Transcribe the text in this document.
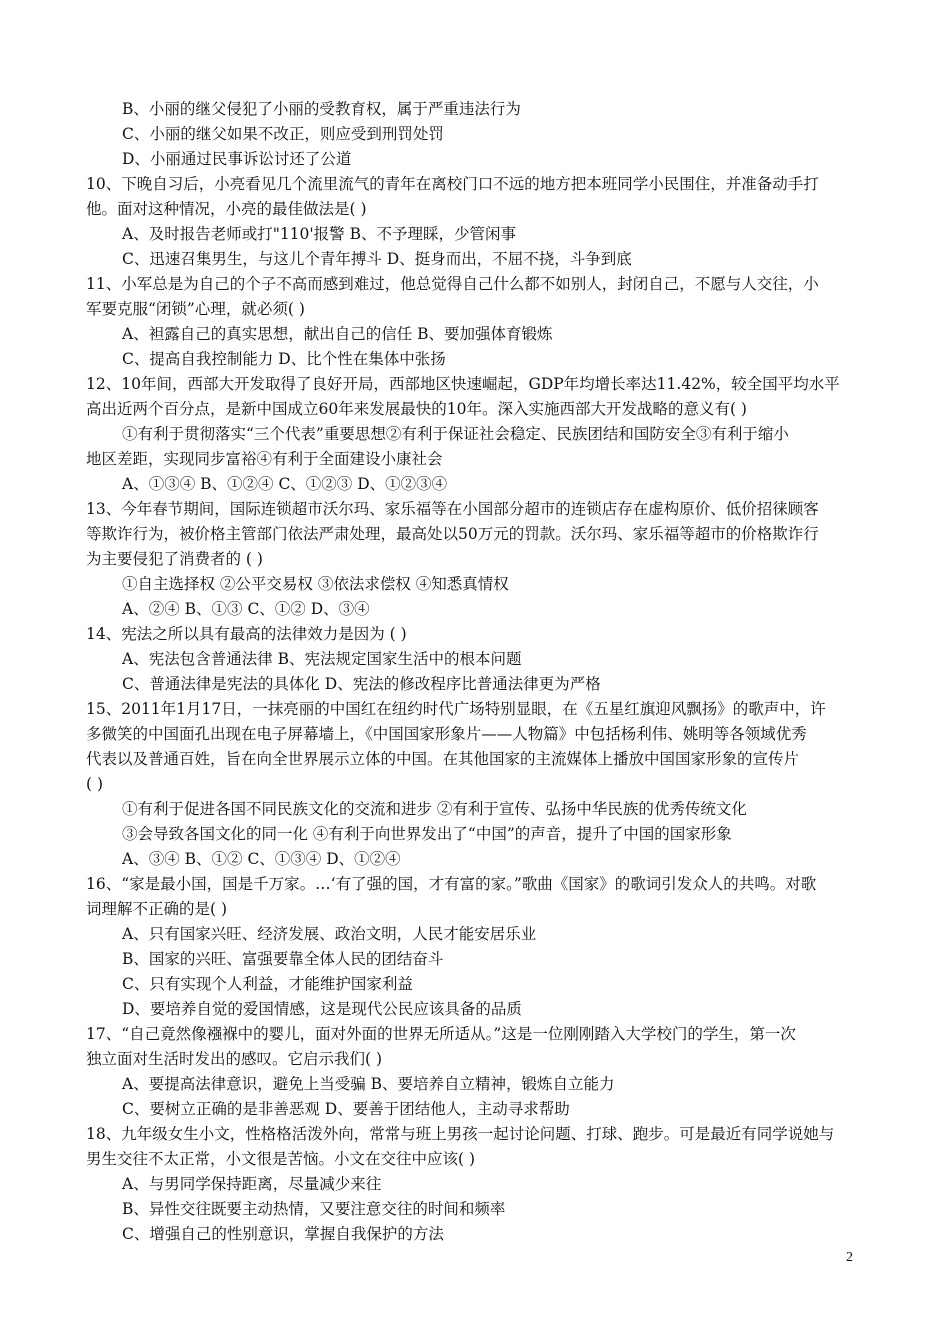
B、小丽的继父侵犯了小丽的受教育权，属于严重违法行为
C、小丽的继父如果不改正，则应受到刑罚处罚
D、小丽通过民事诉讼讨还了公道
10、下晚自习后，小亮看见几个流里流气的青年在离校门口不远的地方把本班同学小民围住，并准备动手打
他。面对这种情况，小亮的最佳做法是( )
A、及时报告老师或打"110'报警 B、不予理睬，少管闲事
C、迅速召集男生，与这儿个青年搏斗 D、挺身而出，不屈不挠，斗争到底
11、小军总是为自己的个子不高而感到难过，他总觉得自己什么都不如别人，封闭自己，不愿与人交往，小
军要克服“闭锁”心理，就必须( )
A、袒露自己的真实思想，献出自己的信任 B、要加强体育锻炼
C、提高自我控制能力 D、比个性在集体中张扬
12、10年间，西部大开发取得了良好开局，西部地区快速崛起，GDP年均增长率达11.42%，较全国平均水平
高出近两个百分点，是新中国成立60年来发展最快的10年。深入实施西部大开发战略的意义有( )
①有利于贯彻落实“三个代表”重要思想②有利于保证社会稳定、民族团结和国防安全③有利于缩小
地区差距，实现同步富裕④有利于全面建设小康社会
A、①③④ B、①②④ C、①②③ D、①②③④
13、今年春节期间，国际连锁超市沃尔玛、家乐福等在小国部分超市的连锁店存在虚构原价、低价招徕顾客
等欺诈行为，被价格主管部门依法严肃处理，最高处以50万元的罚款。沃尔玛、家乐福等超市的价格欺诈行
为主要侵犯了消费者的 ( )
①自主选择权 ②公平交易权 ③依法求偿权 ④知悉真情权
A、②④ B、①③ C、①② D、③④
14、宪法之所以具有最高的法律效力是因为 ( )
A、宪法包含普通法律 B、宪法规定国家生活中的根本问题
C、普通法律是宪法的具体化 D、宪法的修改程序比普通法律更为严格
15、2011年1月17日，一抹亮丽的中国红在纽约时代广场特别显眼，在《五星红旗迎风飘扬》的歌声中，许
多微笑的中国面孔出现在电子屏幕墙上，《中国国家形象片——人物篇》中包括杨利伟、姚明等各领域优秀
代表以及普通百姓，旨在向全世界展示立体的中国。在其他国家的主流媒体上播放中国国家形象的宣传片
( )
①有利于促进各国不同民族文化的交流和进步 ②有利于宣传、弘扬中华民族的优秀传统文化
③会导致各国文化的同一化 ④有利于向世界发出了“中国”的声音，提升了中国的国家形象
A、③④ B、①② C、①③④ D、①②④
16、“家是最小国，国是千万家。…‘有了强的国，才有富的家。”歌曲《国家》的歌词引发众人的共鸣。对歌
词理解不正确的是( )
A、只有国家兴旺、经济发展、政治文明，人民才能安居乐业
B、国家的兴旺、富强要靠全体人民的团结奋斗
C、只有实现个人利益，才能维护国家利益
D、要培养自觉的爱国情感，这是现代公民应该具备的品质
17、“自己竟然像襁褓中的婴儿，面对外面的世界无所适从。”这是一位刚刚踏入大学校门的学生，第一次
独立面对生活时发出的感叹。它启示我们( )
A、要提高法律意识，避免上当受骗 B、要培养自立精神，锻炼自立能力
C、要树立正确的是非善恶观 D、要善于团结他人，主动寻求帮助
18、九年级女生小文，性格格活泼外向，常常与班上男孩一起讨论问题、打球、跑步。可是最近有同学说她与
男生交往不太正常，小文很是苦恼。小文在交往中应该( )
A、与男同学保持距离，尽量减少来往
B、异性交往既要主动热情，又要注意交往的时间和频率
C、增强自己的性别意识，掌握自我保护的方法
2
